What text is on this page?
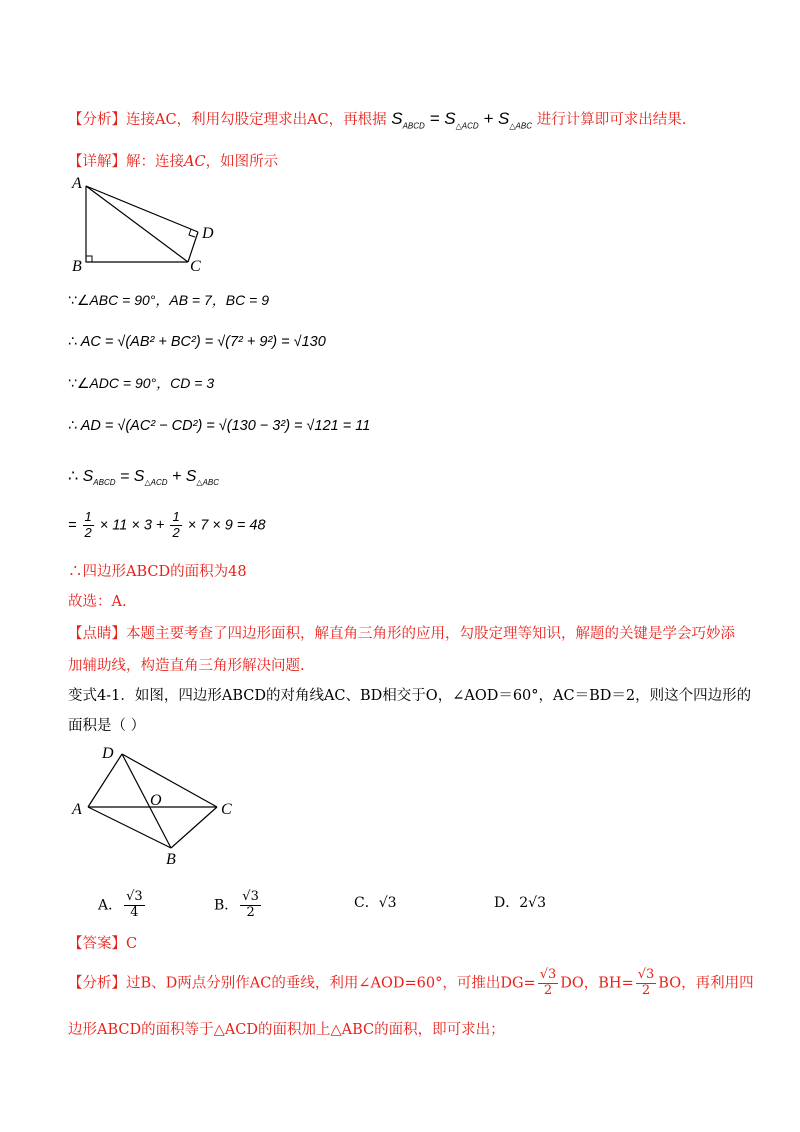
【分析】连接AC，利用勾股定理求出AC，再根据 $S_{ABCD} = S_{\triangle ACD} + S_{\triangle ABC}$ 进行计算即可求出结果.
【详解】解：连接AC，如图所示
A
B	C
D
∵∠ABC = 90°，AB = 7，BC = 9
∴ AC = √(AB² + BC²) = √(7² + 9²) = √130
∵∠ADC = 90°，CD = 3
∴ AD = √(AC² − CD²) = √(130 − 3²) = √121 = 11
∴ $S_{ABCD} = S_{\triangle ACD} + S_{\triangle ABC}$
= $\frac{1}{2} \times 11 \times 3 + \frac{1}{2} \times 7 \times 9 = 48$
∴四边形ABCD的面积为48
故选：A.
【点睛】本题主要考查了四边形面积，解直角三角形的应用，勾股定理等知识，解题的关键是学会巧妙添
加辅助线，构造直角三角形解决问题.
变式4-1．如图，四边形ABCD的对角线AC、BD相交于O，∠AOD＝60°，AC＝BD＝2，则这个四边形的
面积是（ ）
D
A	C
B
O
A． $\frac{√3}{4}$	B． $\frac{√3}{2}$	C．√3	D．2√3
【答案】C
【分析】过B、D两点分别作AC的垂线，利用∠AOD=60°，可推出$DG= \frac{√3}{2}$ DO，$BH= \frac{√3}{2}$ BO，再利用四
边形ABCD的面积等于△ACD的面积加上△ABC的面积，即可求出；
